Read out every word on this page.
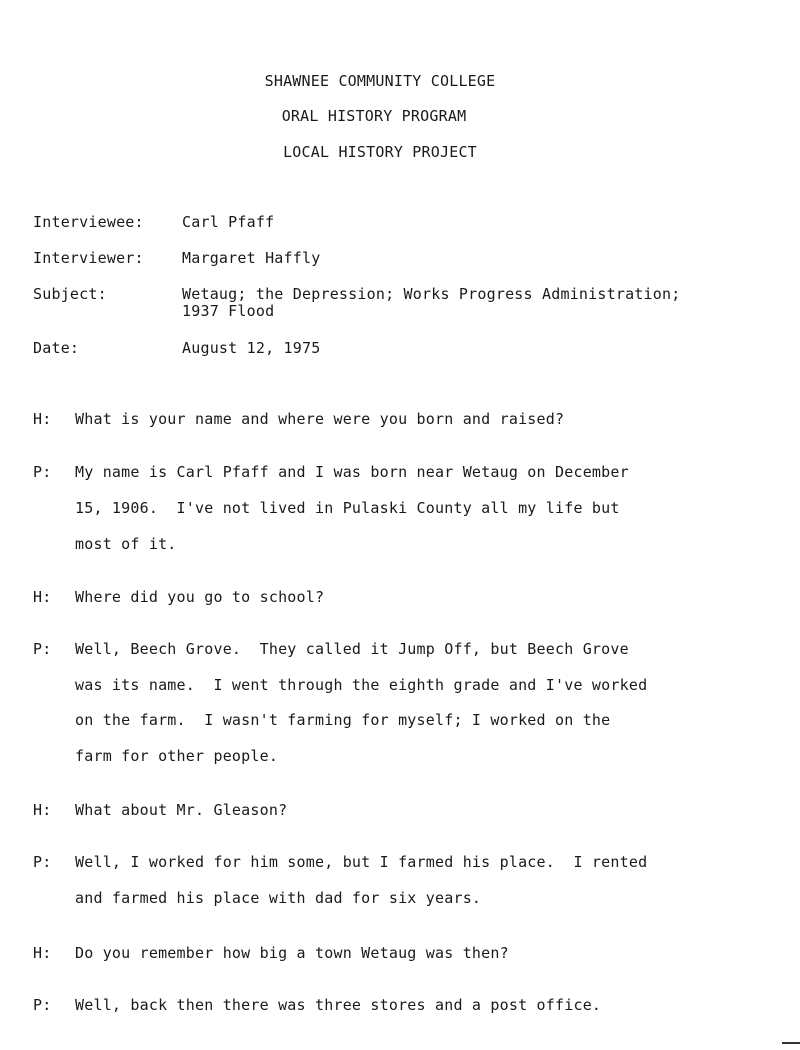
SHAWNEE COMMUNITY COLLEGE
ORAL HISTORY PROGRAM
LOCAL HISTORY PROJECT
Interviewee:	Carl Pfaff
Interviewer:	Margaret Haffly
Subject:	Wetaug; the Depression; Works Progress Administration;
1937 Flood
Date:	August 12, 1975
H: What is your name and where were you born and raised?
P: My name is Carl Pfaff and I was born near Wetaug on December
15, 1906.  I've not lived in Pulaski County all my life but
most of it.
H: Where did you go to school?
P: Well, Beech Grove.  They called it Jump Off, but Beech Grove
was its name.  I went through the eighth grade and I've worked
on the farm.  I wasn't farming for myself; I worked on the
farm for other people.
H: What about Mr. Gleason?
P: Well, I worked for him some, but I farmed his place.  I rented
and farmed his place with dad for six years.
H: Do you remember how big a town Wetaug was then?
P: Well, back then there was three stores and a post office.
